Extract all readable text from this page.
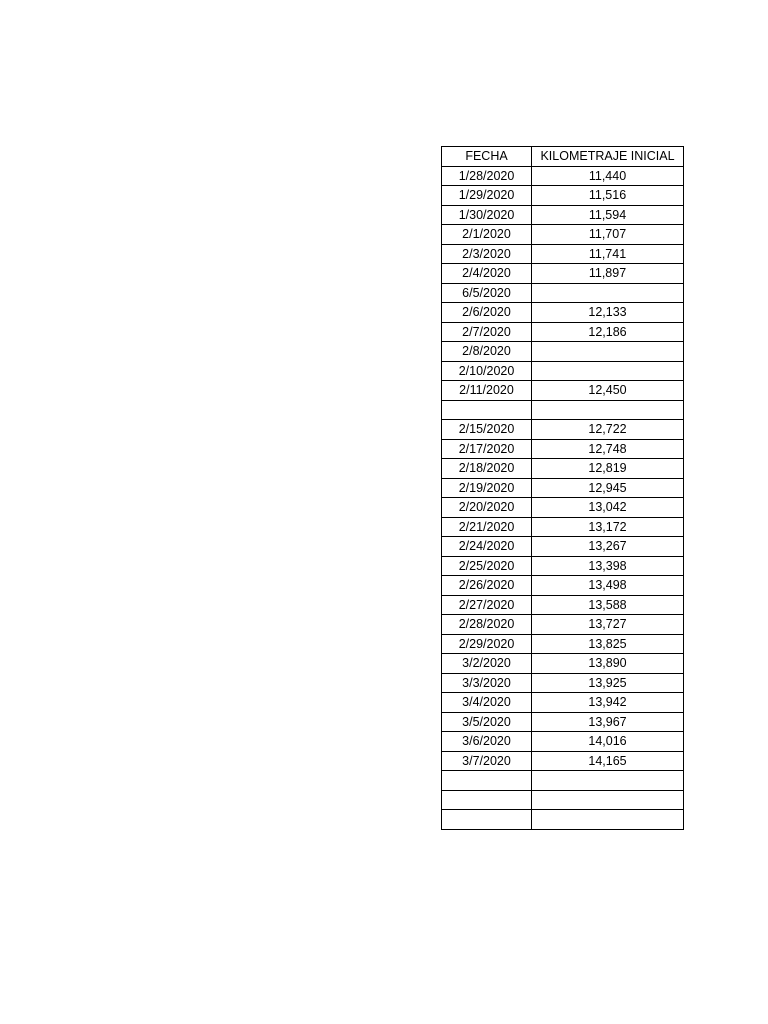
FECHA	KILOMETRAJE INICIAL
1/28/2020	11,440
1/29/2020	11,516
1/30/2020	11,594
2/1/2020	11,707
2/3/2020	11,741
2/4/2020	11,897
6/5/2020	
2/6/2020	12,133
2/7/2020	12,186
2/8/2020	
2/10/2020	
2/11/2020	12,450

2/15/2020	12,722
2/17/2020	12,748
2/18/2020	12,819
2/19/2020	12,945
2/20/2020	13,042
2/21/2020	13,172
2/24/2020	13,267
2/25/2020	13,398
2/26/2020	13,498
2/27/2020	13,588
2/28/2020	13,727
2/29/2020	13,825
3/2/2020	13,890
3/3/2020	13,925
3/4/2020	13,942
3/5/2020	13,967
3/6/2020	14,016
3/7/2020	14,165
